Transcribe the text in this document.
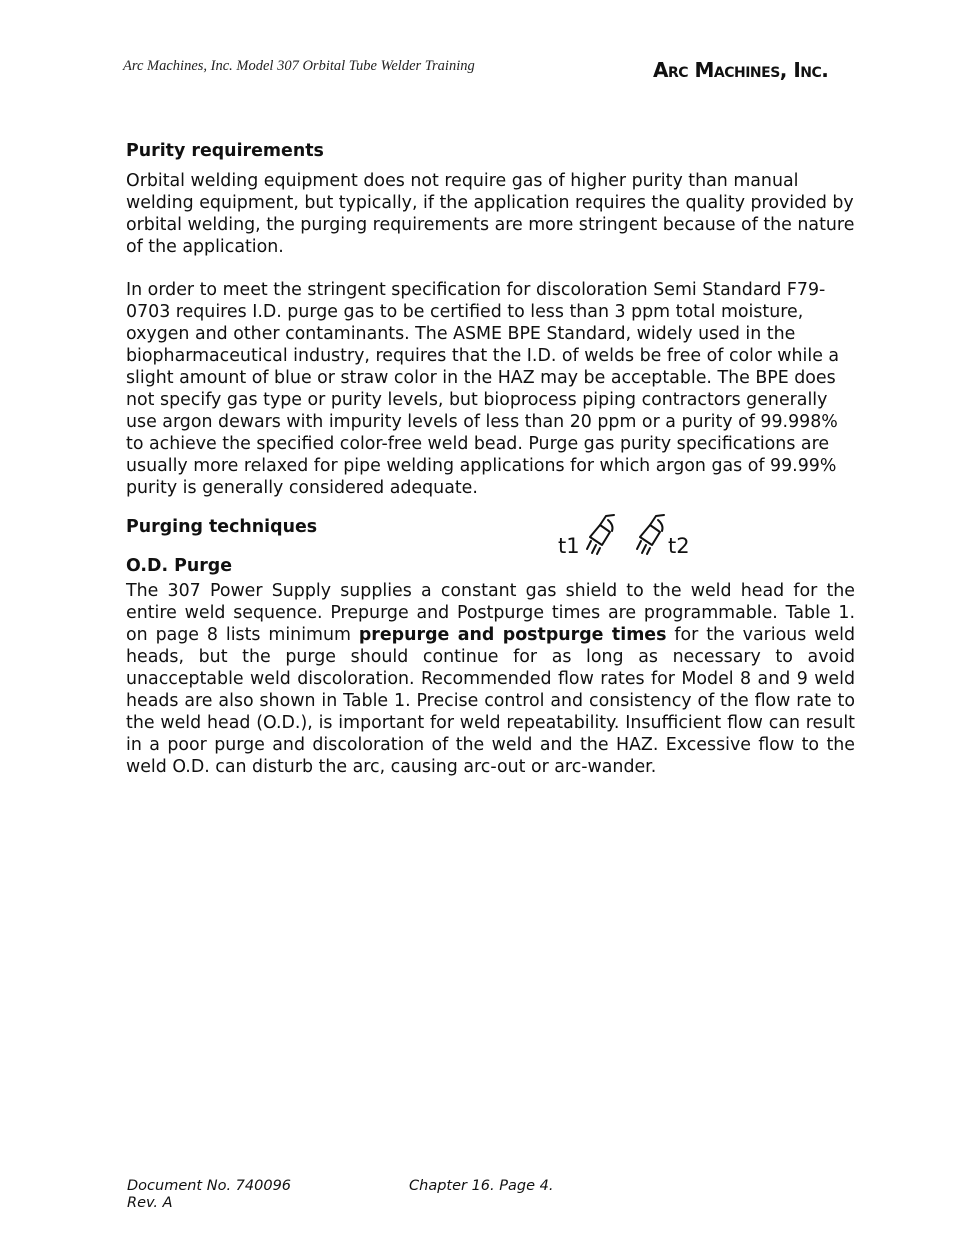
Arc Machines, Inc. Model 307 Orbital Tube Welder Training	Arc Machines, Inc.

Purity requirements

Orbital welding equipment does not require gas of higher purity than manual welding equipment, but typically, if the application requires the quality provided by orbital welding, the purging requirements are more stringent because of the nature of the application.

In order to meet the stringent specification for discoloration Semi Standard F79-0703 requires I.D. purge gas to be certified to less than 3 ppm total moisture, oxygen and other contaminants. The ASME BPE Standard, widely used in the biopharmaceutical industry, requires that the I.D. of welds be free of color while a slight amount of blue or straw color in the HAZ may be acceptable. The BPE does not specify gas type or purity levels, but bioprocess piping contractors generally use argon dewars with impurity levels of less than 20 ppm or a purity of 99.998% to achieve the specified color-free weld bead. Purge gas purity specifications are usually more relaxed for pipe welding applications for which argon gas of 99.99% purity is generally considered adequate.

Purging techniques

t1	t2

O.D. Purge

The 307 Power Supply supplies a constant gas shield to the weld head for the entire weld sequence. Prepurge and Postpurge times are programmable. Table 1. on page 8 lists minimum prepurge and postpurge times for the various weld heads, but the purge should continue for as long as necessary to avoid unacceptable weld discoloration. Recommended flow rates for Model 8 and 9 weld heads are also shown in Table 1. Precise control and consistency of the flow rate to the weld head (O.D.), is important for weld repeatability. Insufficient flow can result in a poor purge and discoloration of the weld and the HAZ. Excessive flow to the weld O.D. can disturb the arc, causing arc-out or arc-wander.

Document No. 740096
Rev. A
Chapter 16. Page 4.
